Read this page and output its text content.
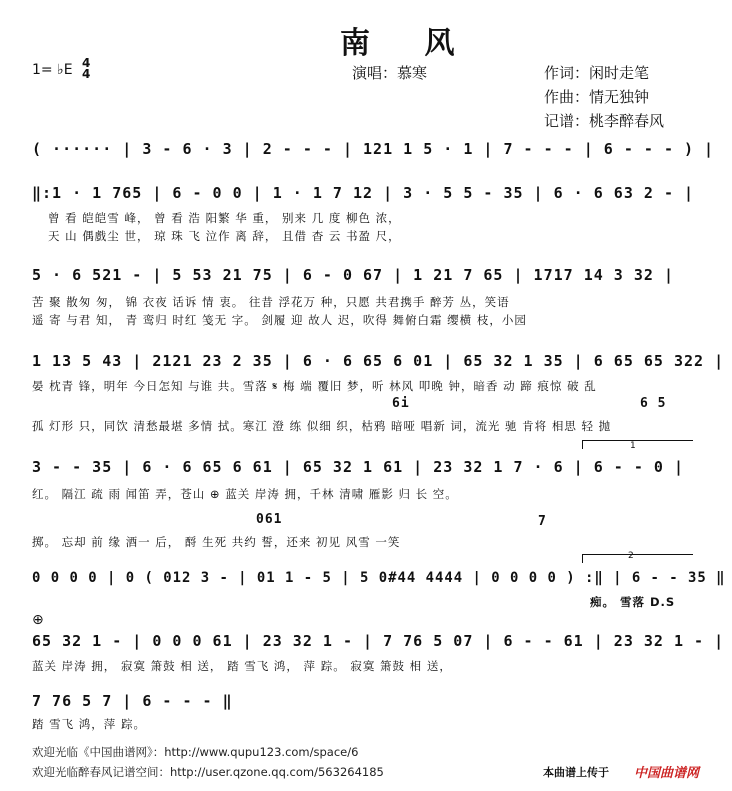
南 风
1= ♭E 4
4	演唱：慕寒	作词：闲时走笔
作曲：情无独钟
记谱：桃李醉春风
( ······ | 3 - 6 · 3 | 2 - - - | 121 1 5 · 1 | 7 - - - | 6 - - - ) |
‖:1 · 1 765 | 6 - 0 0 | 1 · 1 7 12 | 3 · 5 5 - 35 | 6 · 6 63 2 - |
曾 看 皑皑雪 峰， 曾 看 浩 阳繁 华 重， 别来 几 度 柳色 浓，
天 山 偶戲尘 世， 琼 珠 飞 泣作 离 辞， 且借 杳 云 书盈 尺，
5 · 6 521 - | 5 53 21 75 | 6 - 0 67 | 1 21 7 65 | 1717 14 3 32 |
苦 聚 散匆 匆， 锦 衣夜 话诉 情 衷。 往昔 浮花万 种，只愿 共君携手 醉芳 丛，笑语
遥 寄 与君 知， 青 鸾归 时红 笺无 字。 剑履 迎 故人 迟，吹得 舞俯白霜 缨横 枝，小园
1 13 5 43 | 2121 23 2 35 | 6 · 6 65 6 01 | 65 32 1 35 | 6 65 65 322 |
晏 枕青 锋，明年 今日怎知 与谁 共。雪落 𝄋 梅 端 覆旧 梦，听 林风 叩晚 钟，暗香 动 蹄 痕惊 破 乱
6i	6 5
孤 灯形 只，同饮 清愁最堪 多情 拭。寒江 澄 练 似细 织，枯鸦 暗哑 唱新 词，流光 驰 肯将 相思 轻 抛
1
3 - - 35 | 6 · 6 65 6 61 | 65 32 1 61 | 23 32 1 7 · 6 | 6 - - 0 |
红。 隔江 疏 雨 闻笛 弄，苍山 ⊕ 蓝关 岸涛 拥，千林 清啸 雁影 归 长 空。
061	7
掷。 忘却 前 缘 酒一 后， 酹 生死 共约 誓，还来 初见 风雪 一笑
2
0 0 0 0 | 0 ( 012 3 - | 01 1 - 5 | 5 0#44 4444 | 0 0 0 0 ) :‖ | 6 - - 35 ‖
痴。 雪落 D.S
⊕
65 32 1 - | 0 0 0 61 | 23 32 1 - | 7 76 5 07 | 6 - - 61 | 23 32 1 - |
蓝关 岸涛 拥， 寂寞 箫鼓 相 送， 踏 雪飞 鸿， 萍 踪。 寂寞 箫鼓 相 送，
7 76 5 7 | 6 - - - ‖
踏 雪飞 鸿，萍 踪。
欢迎光临《中国曲谱网》：http://www.qupu123.com/space/6
欢迎光临醉春风记谱空间：http://user.qzone.qq.com/563264185	本曲谱上传于 中国曲谱网
